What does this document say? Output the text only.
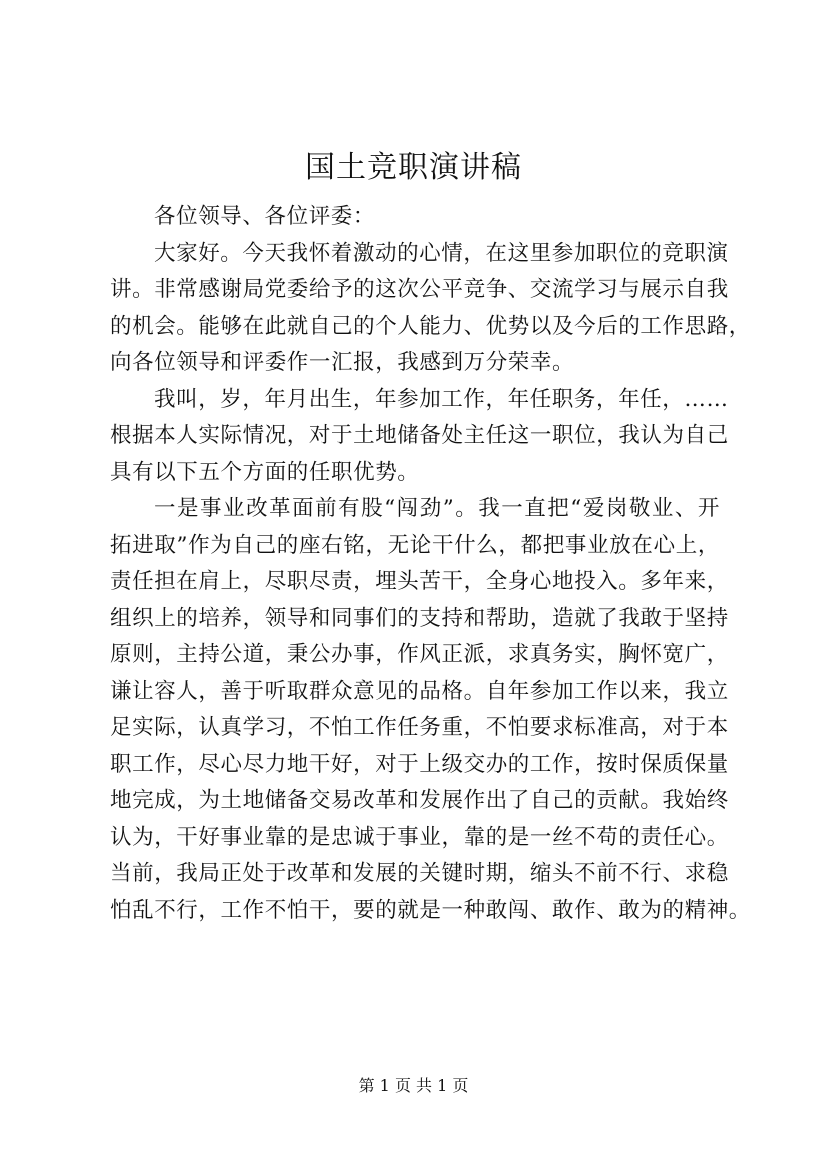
国土竞职演讲稿
各位领导、各位评委：
大家好。今天我怀着激动的心情，在这里参加职位的竞职演
讲。非常感谢局党委给予的这次公平竞争、交流学习与展示自我
的机会。能够在此就自己的个人能力、优势以及今后的工作思路，
向各位领导和评委作一汇报，我感到万分荣幸。
我叫，岁，年月出生，年参加工作，年任职务，年任，……
根据本人实际情况，对于土地储备处主任这一职位，我认为自己
具有以下五个方面的任职优势。
一是事业改革面前有股“闯劲”。我一直把“爱岗敬业、开
拓进取”作为自己的座右铭，无论干什么，都把事业放在心上，
责任担在肩上，尽职尽责，埋头苦干，全身心地投入。多年来，
组织上的培养，领导和同事们的支持和帮助，造就了我敢于坚持
原则，主持公道，秉公办事，作风正派，求真务实，胸怀宽广，
谦让容人，善于听取群众意见的品格。自年参加工作以来，我立
足实际，认真学习，不怕工作任务重，不怕要求标准高，对于本
职工作，尽心尽力地干好，对于上级交办的工作，按时保质保量
地完成，为土地储备交易改革和发展作出了自己的贡献。我始终
认为，干好事业靠的是忠诚于事业，靠的是一丝不苟的责任心。
当前，我局正处于改革和发展的关键时期，缩头不前不行、求稳
怕乱不行，工作不怕干，要的就是一种敢闯、敢作、敢为的精神。
第 1 页 共 1 页
